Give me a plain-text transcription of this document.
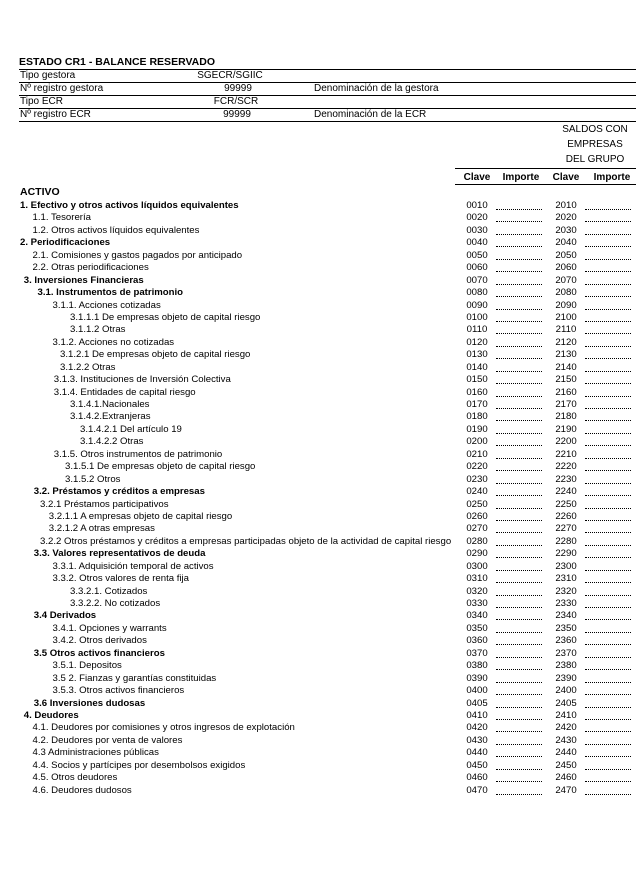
ESTADO CR1 - BALANCE RESERVADO
Tipo gestora	SGECR/SGIIC
Nº registro gestora	99999	Denominación de la gestora
Tipo ECR	FCR/SCR
Nº registro ECR	99999	Denominación de la ECR
SALDOS CON
EMPRESAS
DEL GRUPO
Clave	Importe	Clave	Importe
ACTIVO
1. Efectivo y otros activos líquidos equivalentes	0010	2010
1.1. Tesorería	0020	2020
1.2. Otros activos líquidos equivalentes	0030	2030
2. Periodificaciones	0040	2040
2.1. Comisiones y gastos pagados por anticipado	0050	2050
2.2. Otras periodificaciones	0060	2060
3. Inversiones Financieras	0070	2070
3.1. Instrumentos de patrimonio	0080	2080
3.1.1. Acciones cotizadas	0090	2090
3.1.1.1 De empresas objeto de capital riesgo	0100	2100
3.1.1.2 Otras	0110	2110
3.1.2. Acciones no cotizadas	0120	2120
3.1.2.1 De empresas objeto de capital riesgo	0130	2130
3.1.2.2 Otras	0140	2140
3.1.3. Instituciones de Inversión Colectiva	0150	2150
3.1.4. Entidades de capital riesgo	0160	2160
3.1.4.1.Nacionales	0170	2170
3.1.4.2.Extranjeras	0180	2180
3.1.4.2.1 Del artículo 19	0190	2190
3.1.4.2.2 Otras	0200	2200
3.1.5. Otros instrumentos de patrimonio	0210	2210
3.1.5.1 De empresas objeto de capital riesgo	0220	2220
3.1.5.2 Otros	0230	2230
3.2. Préstamos y créditos a empresas	0240	2240
3.2.1 Préstamos participativos	0250	2250
3.2.1.1 A empresas objeto de capital riesgo	0260	2260
3.2.1.2 A otras empresas	0270	2270
3.2.2 Otros préstamos y créditos a empresas participadas objeto de la actividad de capital riesgo 0280	2280
3.3. Valores representativos de deuda	0290	2290
3.3.1. Adquisición temporal de activos	0300	2300
3.3.2. Otros valores de renta fija	0310	2310
3.3.2.1. Cotizados	0320	2320
3.3.2.2. No cotizados	0330	2330
3.4 Derivados	0340	2340
3.4.1. Opciones y warrants	0350	2350
3.4.2. Otros derivados	0360	2360
3.5 Otros activos financieros	0370	2370
3.5.1. Depositos	0380	2380
3.5 2. Fianzas y garantías constituidas	0390	2390
3.5.3. Otros activos financieros	0400	2400
3.6 Inversiones dudosas	0405	2405
4. Deudores	0410	2410
4.1. Deudores por comisiones y otros ingresos de explotación	0420	2420
4.2. Deudores por venta de valores	0430	2430
4.3 Administraciones públicas	0440	2440
4.4. Socios y partícipes por desembolsos exigidos	0450	2450
4.5. Otros deudores	0460	2460
4.6. Deudores dudosos	0470	2470
